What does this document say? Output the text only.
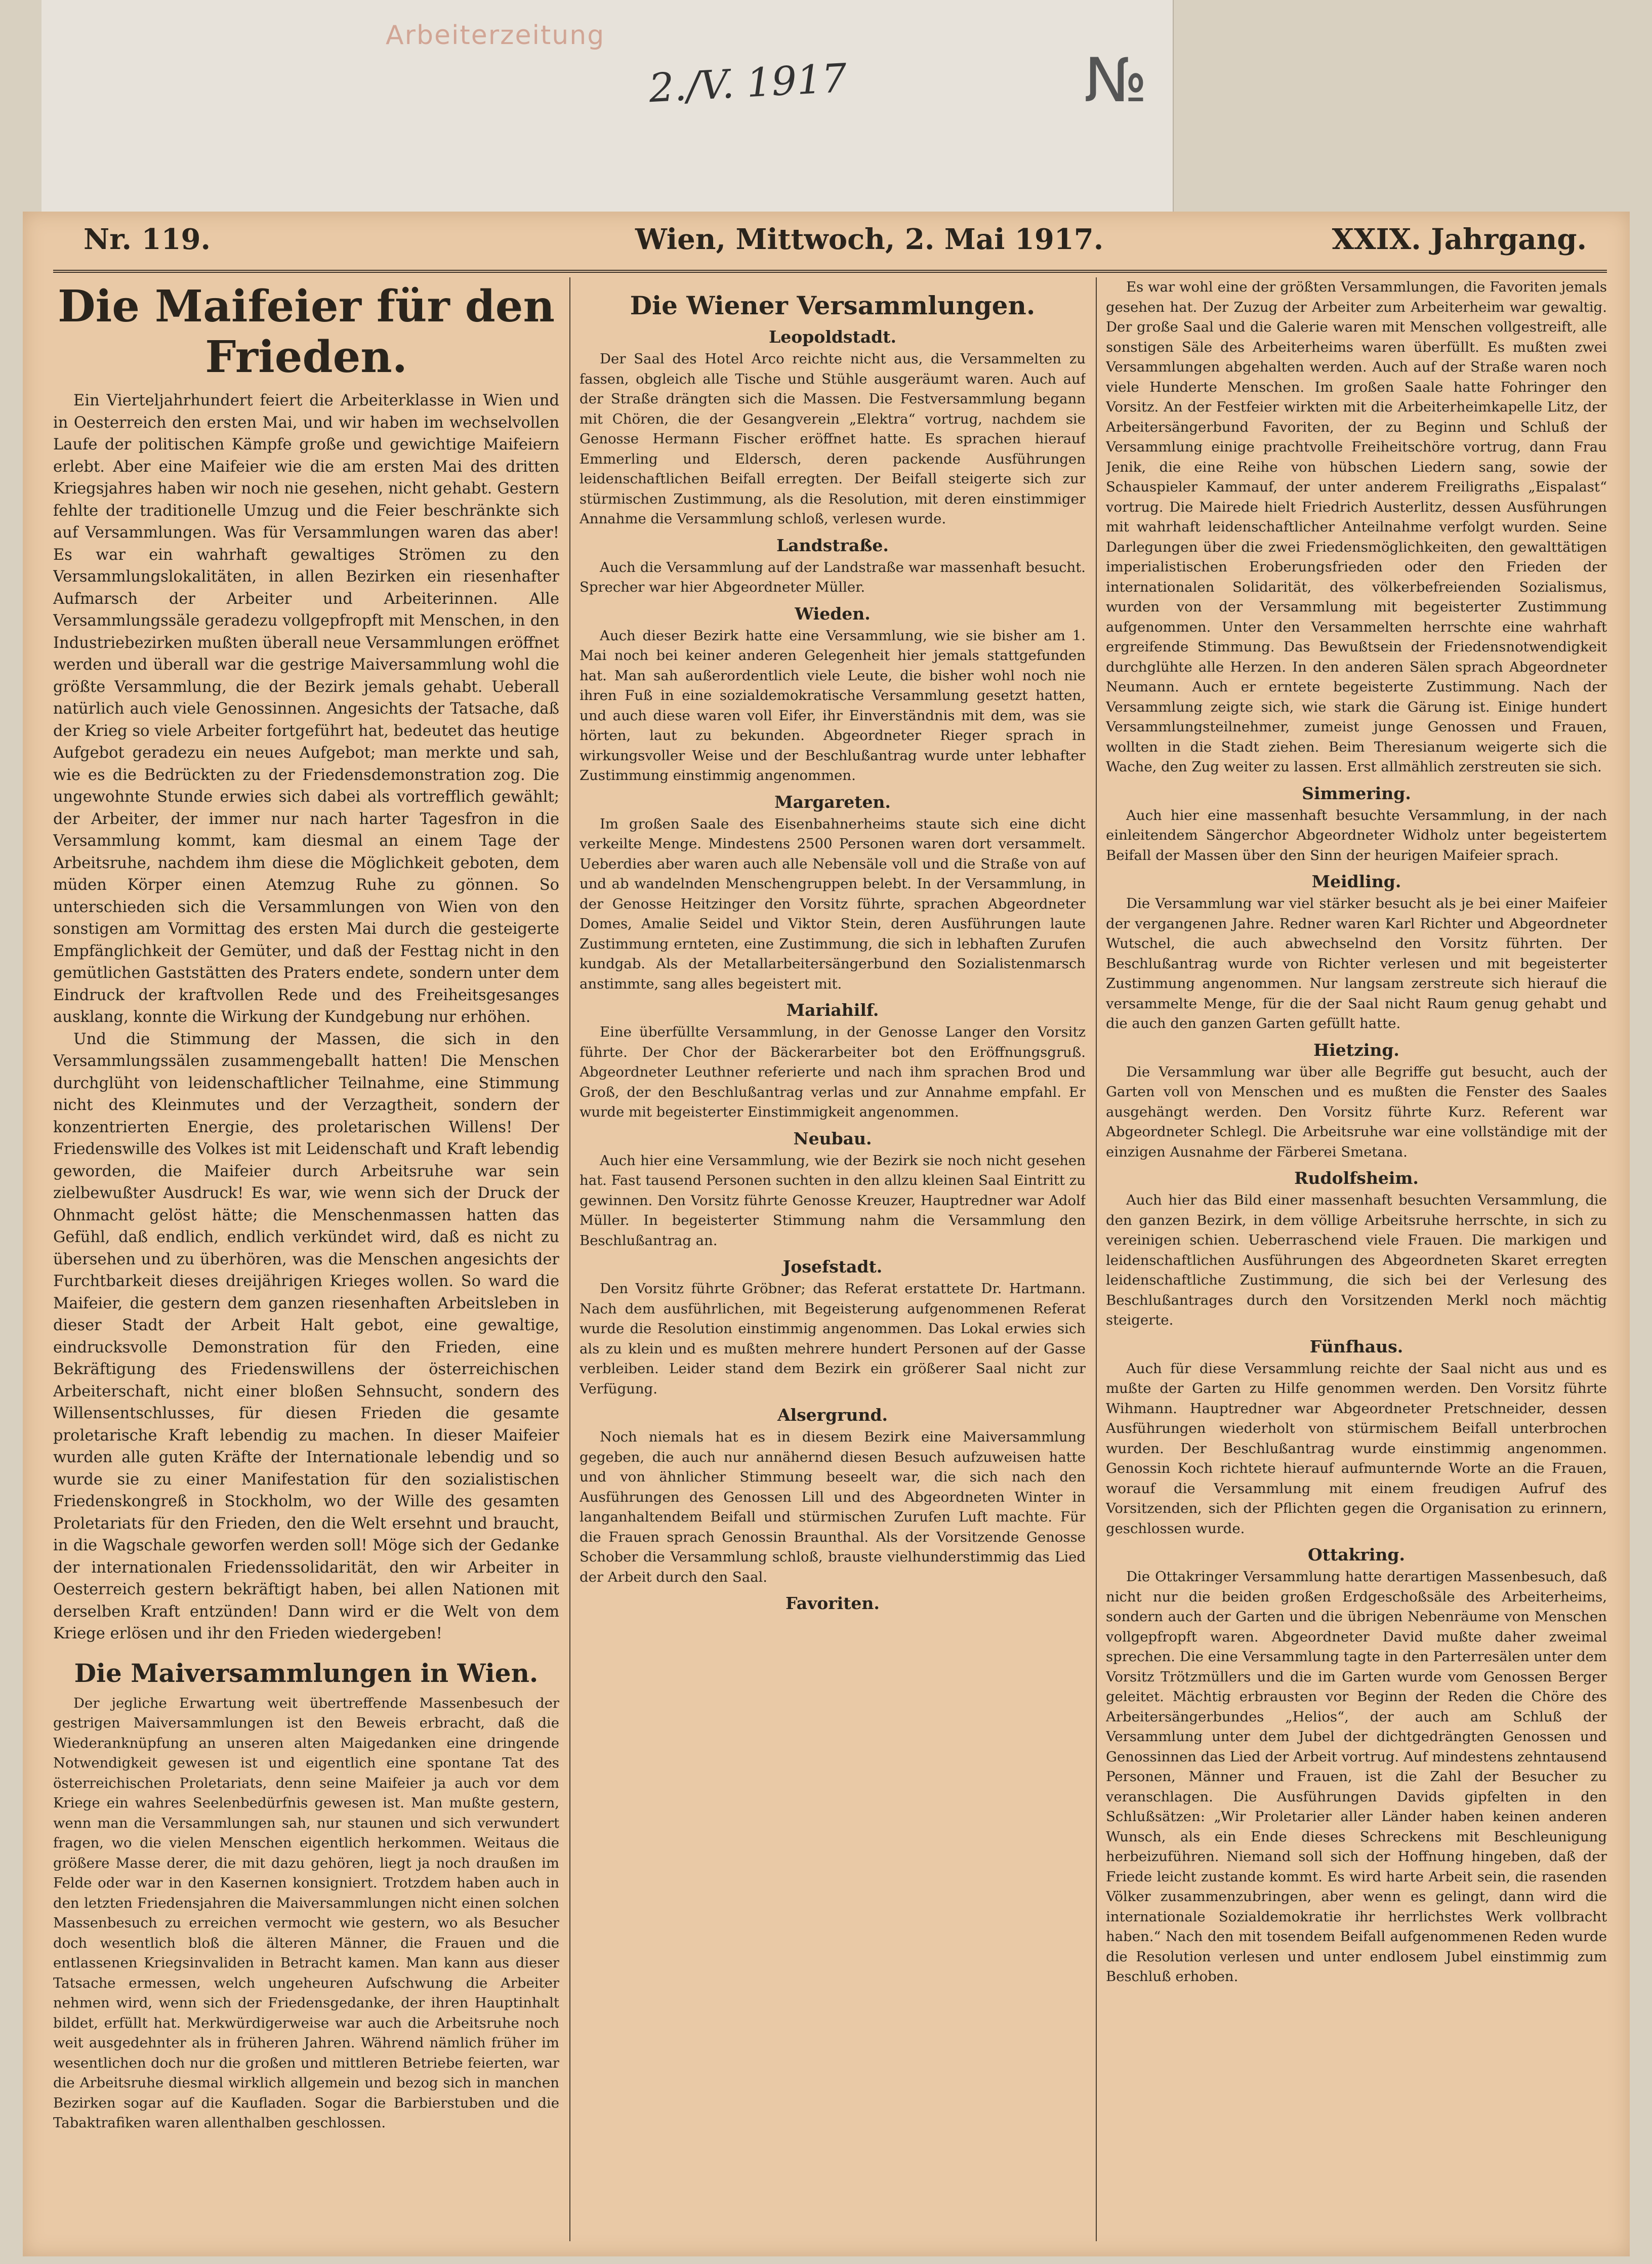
Arbeiterzeitung
2./V. 1917	№
Nr. 119.	Wien, Mittwoch, 2. Mai 1917.	XXIX. Jahrgang.
Die Maifeier für den Frieden.

Ein Vierteljahrhundert feiert die Arbeiterklasse in Wien und in Oesterreich den ersten Mai, und wir haben im wechselvollen Laufe der politischen Kämpfe große und gewichtige Maifeiern erlebt. Aber eine Maifeier wie die am ersten Mai des dritten Kriegsjahres haben wir noch nie gesehen, nicht gehabt. Gestern fehlte der traditionelle Umzug und die Feier beschränkte sich auf Versammlungen. Was für Versammlungen waren das aber! Es war ein wahrhaft gewaltiges Strömen zu den Versammlungslokalitäten, in allen Bezirken ein riesenhafter Aufmarsch der Arbeiter und Arbeiterinnen. Alle Versammlungssäle geradezu vollgepfropft mit Menschen, in den Industriebezirken mußten überall neue Versammlungen eröffnet werden und überall war die gestrige Maiversammlung wohl die größte Versammlung, die der Bezirk jemals gehabt. Ueberall natürlich auch viele Genossinnen. Angesichts der Tatsache, daß der Krieg so viele Arbeiter fortgeführt hat, bedeutet das heutige Aufgebot geradezu ein neues Aufgebot; man merkte und sah, wie es die Bedrückten zu der Friedensdemonstration zog. Die ungewohnte Stunde erwies sich dabei als vortrefflich gewählt; der Arbeiter, der immer nur nach harter Tagesfron in die Versammlung kommt, kam diesmal an einem Tage der Arbeitsruhe, nachdem ihm diese die Möglichkeit geboten, dem müden Körper einen Atemzug Ruhe zu gönnen. So unterschieden sich die Versammlungen von Wien von den sonstigen am Vormittag des ersten Mai durch die gesteigerte Empfänglichkeit der Gemüter, und daß der Festtag nicht in den gemütlichen Gaststätten des Praters endete, sondern unter dem Eindruck der kraftvollen Rede und des Freiheitsgesanges ausklang, konnte die Wirkung der Kundgebung nur erhöhen.

Und die Stimmung der Massen, die sich in den Versammlungssälen zusammengeballt hatten! Die Menschen durchglüht von leidenschaftlicher Teilnahme, eine Stimmung nicht des Kleinmutes und der Verzagtheit, sondern der konzentrierten Energie, des proletarischen Willens! Der Friedenswille des Volkes ist mit Leidenschaft und Kraft lebendig geworden, die Maifeier durch Arbeitsruhe war sein zielbewußter Ausdruck! Es war, wie wenn sich der Druck der Ohnmacht gelöst hätte; die Menschenmassen hatten das Gefühl, daß endlich, endlich verkündet wird, daß es nicht zu übersehen und zu überhören, was die Menschen angesichts der Furchtbarkeit dieses dreijährigen Krieges wollen. So ward die Maifeier, die gestern dem ganzen riesenhaften Arbeitsleben in dieser Stadt der Arbeit Halt gebot, eine gewaltige, eindrucksvolle Demonstration für den Frieden, eine Bekräftigung des Friedenswillens der österreichischen Arbeiterschaft, nicht einer bloßen Sehnsucht, sondern des Willensentschlusses, für diesen Frieden die gesamte proletarische Kraft lebendig zu machen. In dieser Maifeier wurden alle guten Kräfte der Internationale lebendig und so wurde sie zu einer Manifestation für den sozialistischen Friedenskongreß in Stockholm, wo der Wille des gesamten Proletariats für den Frieden, den die Welt ersehnt und braucht, in die Wagschale geworfen werden soll! Möge sich der Gedanke der internationalen Friedenssolidarität, den wir Arbeiter in Oesterreich gestern bekräftigt haben, bei allen Nationen mit derselben Kraft entzünden! Dann wird er die Welt von dem Kriege erlösen und ihr den Frieden wiedergeben!

Die Maiversammlungen in Wien.

Der jegliche Erwartung weit übertreffende Massenbesuch der gestrigen Maiversammlungen ist den Beweis erbracht, daß die Wiederanknüpfung an unseren alten Maigedanken eine dringende Notwendigkeit gewesen ist und eigentlich eine spontane Tat des österreichischen Proletariats, denn seine Maifeier ja auch vor dem Kriege ein wahres Seelenbedürfnis gewesen ist. Man mußte gestern, wenn man die Versammlungen sah, nur staunen und sich verwundert fragen, wo die vielen Menschen eigentlich herkommen. Weitaus die größere Masse derer, die mit dazu gehören, liegt ja noch draußen im Felde oder war in den Kasernen konsigniert. Trotzdem haben auch in den letzten Friedensjahren die Maiversammlungen nicht einen solchen Massenbesuch zu erreichen vermocht wie gestern, wo als Besucher doch wesentlich bloß die älteren Männer, die Frauen und die entlassenen Kriegsinvaliden in Betracht kamen. Man kann aus dieser Tatsache ermessen, welch ungeheuren Aufschwung die Arbeiter nehmen wird, wenn sich der Friedensgedanke, der ihren Hauptinhalt bildet, erfüllt hat. Merkwürdigerweise war auch die Arbeitsruhe noch weit ausgedehnter als in früheren Jahren. Während nämlich früher im wesentlichen doch nur die großen und mittleren Betriebe feierten, war die Arbeitsruhe diesmal wirklich allgemein und bezog sich in manchen Bezirken sogar auf die Kaufladen. Sogar die Barbierstuben und die Tabaktrafiken waren allenthalben geschlossen.

Die Wiener Versammlungen.
Leopoldstadt.

Der Saal des Hotel Arco reichte nicht aus, die Versammelten zu fassen, obgleich alle Tische und Stühle ausgeräumt waren. Auch auf der Straße drängten sich die Massen. Die Festversammlung begann mit Chören, die der Gesangverein „Elektra“ vortrug, nachdem sie Genosse Hermann Fischer eröffnet hatte. Es sprachen hierauf Emmerling und Eldersch, deren packende Ausführungen leidenschaftlichen Beifall erregten. Der Beifall steigerte sich zur stürmischen Zustimmung, als die Resolution, mit deren einstimmiger Annahme die Versammlung schloß, verlesen wurde.

Landstraße.

Auch die Versammlung auf der Landstraße war massenhaft besucht. Sprecher war hier Abgeordneter Müller.

Wieden.

Auch dieser Bezirk hatte eine Versammlung, wie sie bisher am 1. Mai noch bei keiner anderen Gelegenheit hier jemals stattgefunden hat. Man sah außerordentlich viele Leute, die bisher wohl noch nie ihren Fuß in eine sozialdemokratische Versammlung gesetzt hatten, und auch diese waren voll Eifer, ihr Einverständnis mit dem, was sie hörten, laut zu bekunden. Abgeordneter Rieger sprach in wirkungsvoller Weise und der Beschlußantrag wurde unter lebhafter Zustimmung einstimmig angenommen.

Margareten.

Im großen Saale des Eisenbahnerheims staute sich eine dicht verkeilte Menge. Mindestens 2500 Personen waren dort versammelt. Ueberdies aber waren auch alle Nebensäle voll und die Straße von auf und ab wandelnden Menschengruppen belebt. In der Versammlung, in der Genosse Heitzinger den Vorsitz führte, sprachen Abgeordneter Domes, Amalie Seidel und Viktor Stein, deren Ausführungen laute Zustimmung ernteten, eine Zustimmung, die sich in lebhaften Zurufen kundgab. Als der Metallarbeitersängerbund den Sozialistenmarsch anstimmte, sang alles begeistert mit.

Mariahilf.

Eine überfüllte Versammlung, in der Genosse Langer den Vorsitz führte. Der Chor der Bäckerarbeiter bot den Eröffnungsgruß. Abgeordneter Leuthner referierte und nach ihm sprachen Brod und Groß, der den Beschlußantrag verlas und zur Annahme empfahl. Er wurde mit begeisterter Einstimmigkeit angenommen.

Neubau.

Auch hier eine Versammlung, wie der Bezirk sie noch nicht gesehen hat. Fast tausend Personen suchten in den allzu kleinen Saal Eintritt zu gewinnen. Den Vorsitz führte Genosse Kreuzer, Hauptredner war Adolf Müller. In begeisterter Stimmung nahm die Versammlung den Beschlußantrag an.

Josefstadt.

Den Vorsitz führte Gröbner; das Referat erstattete Dr. Hartmann. Nach dem ausführlichen, mit Begeisterung aufgenommenen Referat wurde die Resolution einstimmig angenommen. Das Lokal erwies sich als zu klein und es mußten mehrere hundert Personen auf der Gasse verbleiben. Leider stand dem Bezirk ein größerer Saal nicht zur Verfügung.

Alsergrund.

Noch niemals hat es in diesem Bezirk eine Maiversammlung gegeben, die auch nur annähernd diesen Besuch aufzuweisen hatte und von ähnlicher Stimmung beseelt war, die sich nach den Ausführungen des Genossen Lill und des Abgeordneten Winter in langanhaltendem Beifall und stürmischen Zurufen Luft machte. Für die Frauen sprach Genossin Braunthal. Als der Vorsitzende Genosse Schober die Versammlung schloß, brauste vielhunderstimmig das Lied der Arbeit durch den Saal.

Favoriten.

Es war wohl eine der größten Versammlungen, die Favoriten jemals gesehen hat. Der Zuzug der Arbeiter zum Arbeiterheim war gewaltig. Der große Saal und die Galerie waren mit Menschen vollgestreift, alle sonstigen Säle des Arbeiterheims waren überfüllt. Es mußten zwei Versammlungen abgehalten werden. Auch auf der Straße waren noch viele Hunderte Menschen. Im großen Saale hatte Fohringer den Vorsitz. An der Festfeier wirkten mit die Arbeiterheimkapelle Litz, der Arbeitersängerbund Favoriten, der zu Beginn und Schluß der Versammlung einige prachtvolle Freiheitschöre vortrug, dann Frau Jenik, die eine Reihe von hübschen Liedern sang, sowie der Schauspieler Kammauf, der unter anderem Freiligraths „Eispalast“ vortrug. Die Mairede hielt Friedrich Austerlitz, dessen Ausführungen mit wahrhaft leidenschaftlicher Anteilnahme verfolgt wurden. Seine Darlegungen über die zwei Friedensmöglichkeiten, den gewalttätigen imperialistischen Eroberungsfrieden oder den Frieden der internationalen Solidarität, des völkerbefreienden Sozialismus, wurden von der Versammlung mit begeisterter Zustimmung aufgenommen. Unter den Versammelten herrschte eine wahrhaft ergreifende Stimmung. Das Bewußtsein der Friedensnotwendigkeit durchglühte alle Herzen. In den anderen Sälen sprach Abgeordneter Neumann. Auch er erntete begeisterte Zustimmung. Nach der Versammlung zeigte sich, wie stark die Gärung ist. Einige hundert Versammlungsteilnehmer, zumeist junge Genossen und Frauen, wollten in die Stadt ziehen. Beim Theresianum weigerte sich die Wache, den Zug weiter zu lassen. Erst allmählich zerstreuten sie sich.

Simmering.

Auch hier eine massenhaft besuchte Versammlung, in der nach einleitendem Sängerchor Abgeordneter Widholz unter begeistertem Beifall der Massen über den Sinn der heurigen Maifeier sprach.

Meidling.

Die Versammlung war viel stärker besucht als je bei einer Maifeier der vergangenen Jahre. Redner waren Karl Richter und Abgeordneter Wutschel, die auch abwechselnd den Vorsitz führten. Der Beschlußantrag wurde von Richter verlesen und mit begeisterter Zustimmung angenommen. Nur langsam zerstreute sich hierauf die versammelte Menge, für die der Saal nicht Raum genug gehabt und die auch den ganzen Garten gefüllt hatte.

Hietzing.

Die Versammlung war über alle Begriffe gut besucht, auch der Garten voll von Menschen und es mußten die Fenster des Saales ausgehängt werden. Den Vorsitz führte Kurz. Referent war Abgeordneter Schlegl. Die Arbeitsruhe war eine vollständige mit der einzigen Ausnahme der Färberei Smetana.

Rudolfsheim.

Auch hier das Bild einer massenhaft besuchten Versammlung, die den ganzen Bezirk, in dem völlige Arbeitsruhe herrschte, in sich zu vereinigen schien. Ueberraschend viele Frauen. Die markigen und leidenschaftlichen Ausführungen des Abgeordneten Skaret erregten leidenschaftliche Zustimmung, die sich bei der Verlesung des Beschlußantrages durch den Vorsitzenden Merkl noch mächtig steigerte.

Fünfhaus.

Auch für diese Versammlung reichte der Saal nicht aus und es mußte der Garten zu Hilfe genommen werden. Den Vorsitz führte Wihmann. Hauptredner war Abgeordneter Pretschneider, dessen Ausführungen wiederholt von stürmischem Beifall unterbrochen wurden. Der Beschlußantrag wurde einstimmig angenommen. Genossin Koch richtete hierauf aufmunternde Worte an die Frauen, worauf die Versammlung mit einem freudigen Aufruf des Vorsitzenden, sich der Pflichten gegen die Organisation zu erinnern, geschlossen wurde.

Ottakring.

Die Ottakringer Versammlung hatte derartigen Massenbesuch, daß nicht nur die beiden großen Erdgeschoßsäle des Arbeiterheims, sondern auch der Garten und die übrigen Nebenräume von Menschen vollgepfropft waren. Abgeordneter David mußte daher zweimal sprechen. Die eine Versammlung tagte in den Parterresälen unter dem Vorsitz Trötzmüllers und die im Garten wurde vom Genossen Berger geleitet. Mächtig erbrausten vor Beginn der Reden die Chöre des Arbeitersängerbundes „Helios“, der auch am Schluß der Versammlung unter dem Jubel der dichtgedrängten Genossen und Genossinnen das Lied der Arbeit vortrug. Auf mindestens zehntausend Personen, Männer und Frauen, ist die Zahl der Besucher zu veranschlagen. Die Ausführungen Davids gipfelten in den Schlußsätzen: „Wir Proletarier aller Länder haben keinen anderen Wunsch, als ein Ende dieses Schreckens mit Beschleunigung herbeizuführen. Niemand soll sich der Hoffnung hingeben, daß der Friede leicht zustande kommt. Es wird harte Arbeit sein, die rasenden Völker zusammenzubringen, aber wenn es gelingt, dann wird die internationale Sozialdemokratie ihr herrlichstes Werk vollbracht haben.“ Nach den mit tosendem Beifall aufgenommenen Reden wurde die Resolution verlesen und unter endlosem Jubel einstimmig zum Beschluß erhoben.
